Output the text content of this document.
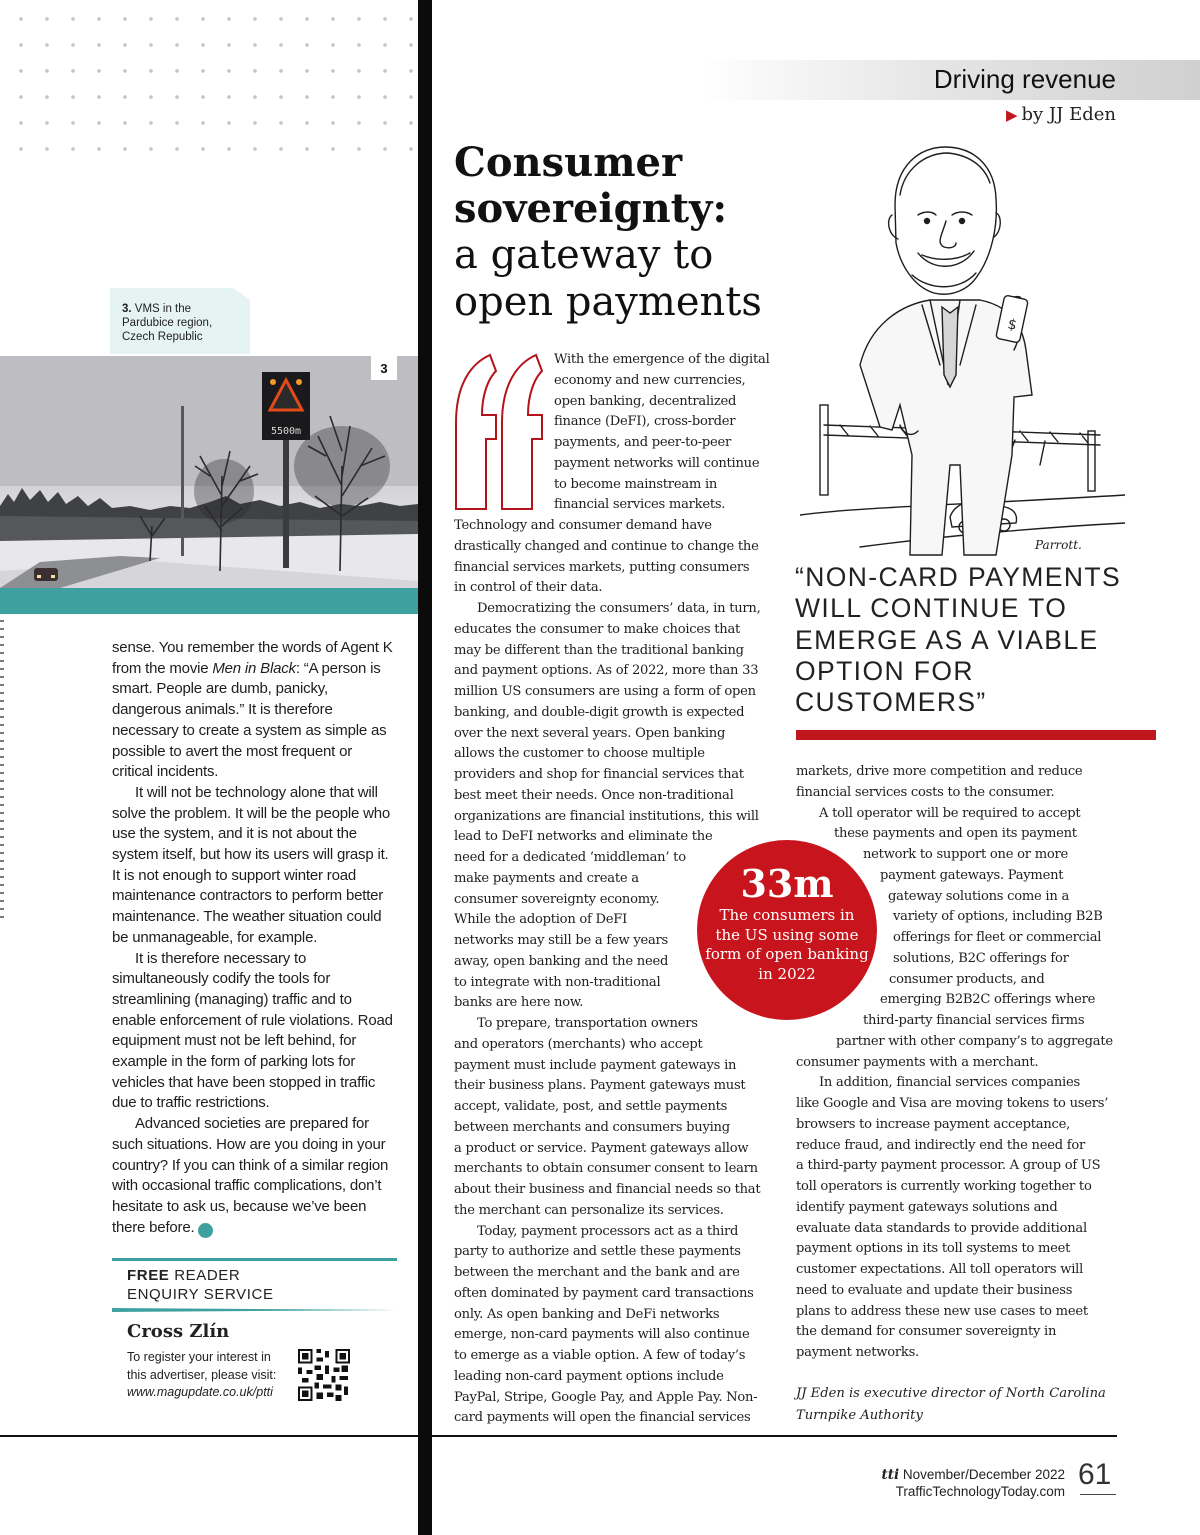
3. VMS in the Pardubice region, Czech Republic
5500m
3

sense. You remember the words of Agent K from the movie Men in Black: “A person is smart. People are dumb, panicky, dangerous animals.” It is therefore necessary to create a system as simple as possible to avert the most frequent or critical incidents.

It will not be technology alone that will solve the problem. It will be the people who use the system, and it is not about the system itself, but how its users will grasp it. It is not enough to support winter road maintenance contractors to perform better maintenance. The weather situation could be unmanageable, for example.

It is therefore necessary to simultaneously codify the tools for streamlining (managing) traffic and to enable enforcement of rule violations. Road equipment must not be left behind, for example in the form of parking lots for vehicles that have been stopped in traffic due to traffic restrictions.

Advanced societies are prepared for such situations. How are you doing in your country? If you can think of a similar region with occasional traffic complications, don’t hesitate to ask us, because we’ve been there before. ✕

FREE READER
ENQUIRY SERVICE
Cross Zlín
To register your interest in
this advertiser, please visit:
www.magupdate.co.uk/ptti
Driving revenue
▶ by JJ Eden
Consumer
sovereignty:
a gateway to
open payments
With the emergence of the digital
economy and new currencies,
open banking, decentralized
finance (DeFI), cross-border
payments, and peer-to-peer
payment networks will continue
to become mainstream in
financial services markets.
Technology and consumer demand have
drastically changed and continue to change the
financial services markets, putting consumers
in control of their data.
Democratizing the consumers’ data, in turn,
educates the consumer to make choices that
may be different than the traditional banking
and payment options. As of 2022, more than 33
million US consumers are using a form of open
banking, and double-digit growth is expected
over the next several years. Open banking
allows the customer to choose multiple
providers and shop for financial services that
best meet their needs. Once non-traditional
organizations are financial institutions, this will
lead to DeFI networks and eliminate the
need for a dedicated ‘middleman’ to
make payments and create a
consumer sovereignty economy.
While the adoption of DeFI
networks may still be a few years
away, open banking and the need
to integrate with non-traditional
banks are here now.
To prepare, transportation owners
and operators (merchants) who accept
payment must include payment gateways in
their business plans. Payment gateways must
accept, validate, post, and settle payments
between merchants and consumers buying
a product or service. Payment gateways allow
merchants to obtain consumer consent to learn
about their business and financial needs so that
the merchant can personalize its services.
Today, payment processors act as a third
party to authorize and settle these payments
between the merchant and the bank and are
often dominated by payment card transactions
only. As open banking and DeFi networks
emerge, non-card payments will also continue
to emerge as a viable option. A few of today’s
leading non-card payment options include
PayPal, Stripe, Google Pay, and Apple Pay. Non-
card payments will open the financial services
$
Parrott.
“NON-CARD PAYMENTS WILL CONTINUE TO EMERGE AS A VIABLE OPTION FOR CUSTOMERS”
markets, drive more competition and reduce
financial services costs to the consumer.
A toll operator will be required to accept
these payments and open its payment
network to support one or more
payment gateways. Payment
gateway solutions come in a
variety of options, including B2B
offerings for fleet or commercial
solutions, B2C offerings for
consumer products, and
emerging B2B2C offerings where
third-party financial services firms
partner with other company’s to aggregate
consumer payments with a merchant.
In addition, financial services companies
like Google and Visa are moving tokens to users’
browsers to increase payment acceptance,
reduce fraud, and indirectly end the need for
a third-party payment processor. A group of US
toll operators is currently working together to
identify payment gateways solutions and
evaluate data standards to provide additional
payment options in its toll systems to meet
customer expectations. All toll operators will
need to evaluate and update their business
plans to address these new use cases to meet
the demand for consumer sovereignty in
payment networks.
33m
The consumers in the US using some form of open banking in 2022
JJ Eden is executive director of North Carolina
Turnpike Authority
tti November/December 2022
TrafficTechnologyToday.com 61
